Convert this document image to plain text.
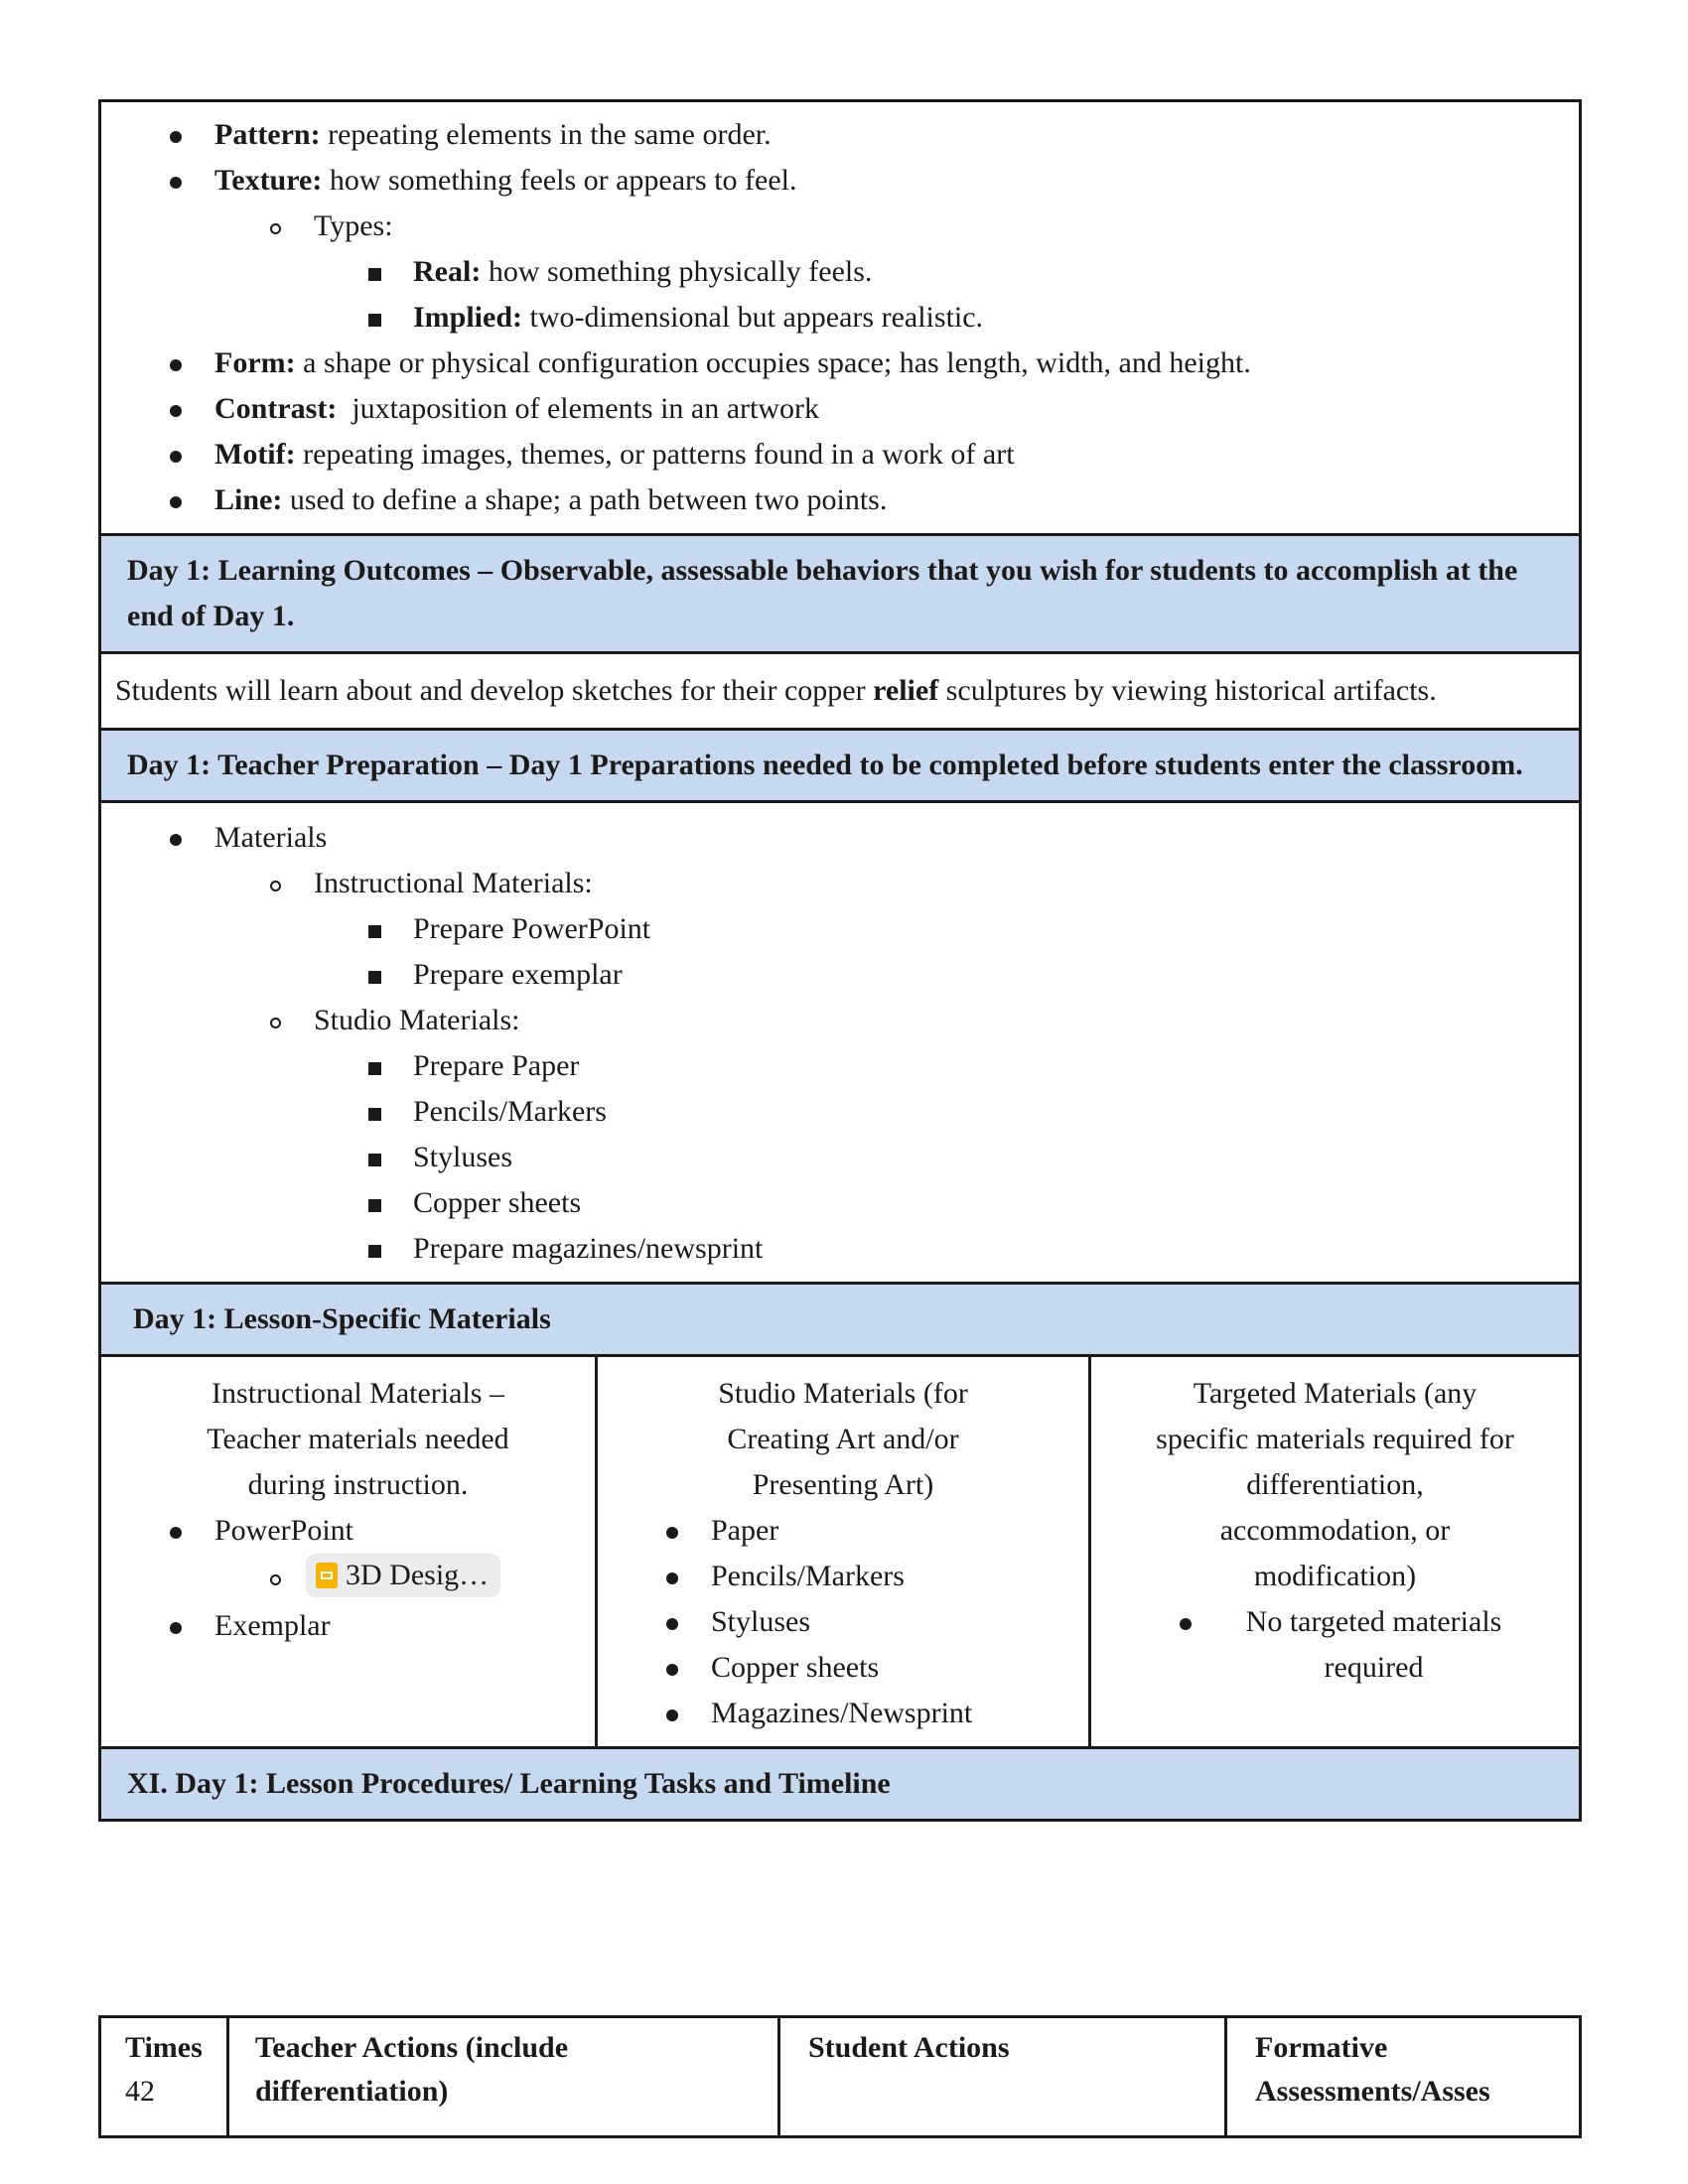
Pattern: repeating elements in the same order.
Texture: how something feels or appears to feel.
Types:
Real: how something physically feels.
Implied: two-dimensional but appears realistic.
Form: a shape or physical configuration occupies space; has length, width, and height.
Contrast:  juxtaposition of elements in an artwork
Motif: repeating images, themes, or patterns found in a work of art
Line: used to define a shape; a path between two points.
Day 1: Learning Outcomes – Observable, assessable behaviors that you wish for students to accomplish at the end of Day 1.
Students will learn about and develop sketches for their copper relief sculptures by viewing historical artifacts.
Day 1: Teacher Preparation – Day 1 Preparations needed to be completed before students enter the classroom.
Materials
Instructional Materials:
Prepare PowerPoint
Prepare exemplar
Studio Materials:
Prepare Paper
Pencils/Markers
Styluses
Copper sheets
Prepare magazines/newsprint
Day 1: Lesson-Specific Materials
Instructional Materials – Teacher materials needed during instruction.
PowerPoint
3D Desig…
Exemplar
Studio Materials (for Creating Art and/or Presenting Art)
Paper
Pencils/Markers
Styluses
Copper sheets
Magazines/Newsprint
Targeted Materials (any specific materials required for differentiation, accommodation, or modification)
No targeted materials required
XI. Day 1: Lesson Procedures/ Learning Tasks and Timeline
Times
42
Teacher Actions (include differentiation)
Student Actions	Formative Assessments/Asses
